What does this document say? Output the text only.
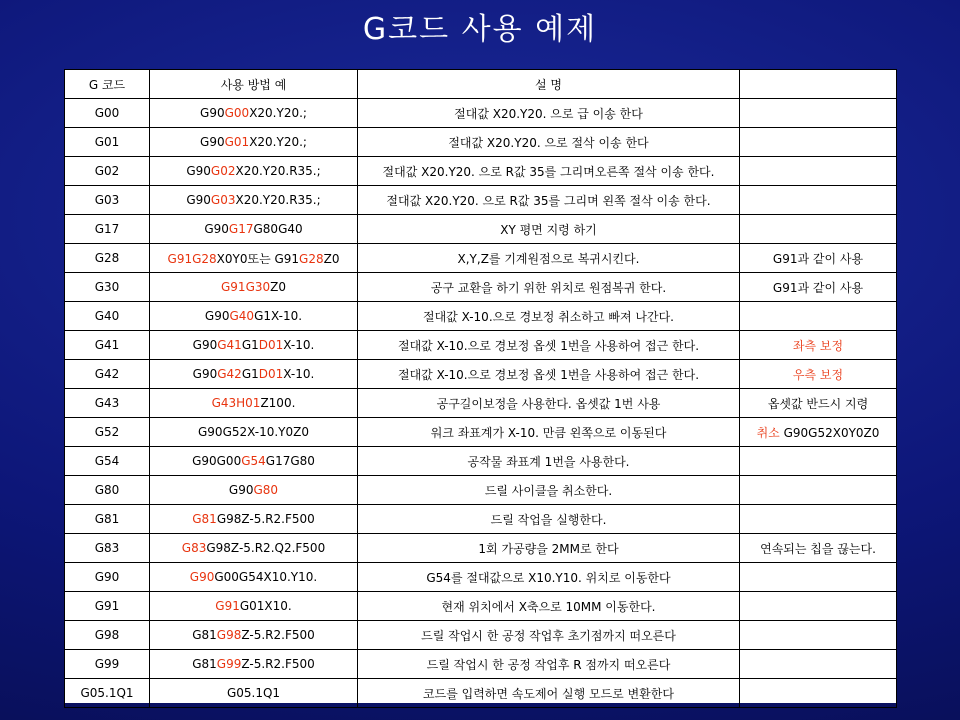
G코드 사용 예제
G 코드	사용 방법 예	설 명	
G00	G90G00X20.Y20.;	절대값 X20.Y20. 으로 급 이송 한다	
G01	G90G01X20.Y20.;	절대값 X20.Y20. 으로 절삭 이송 한다	
G02	G90G02X20.Y20.R35.;	절대값 X20.Y20. 으로 R값 35를 그리며오른쪽 절삭 이송 한다.	
G03	G90G03X20.Y20.R35.;	절대값 X20.Y20. 으로 R값 35를 그리며 왼쪽 절삭 이송 한다.	
G17	G90G17G80G40	XY 평면 지령 하기	
G28	G91G28X0Y0또는 G91G28Z0	X,Y,Z를 기계원점으로 복귀시킨다.	G91과 같이 사용
G30	G91G30Z0	공구 교환을 하기 위한 위치로 원점복귀 한다.	G91과 같이 사용
G40	G90G40G1X-10.	절대값 X-10.으로 경보정 취소하고 빠져 나간다.	
G41	G90G41G1D01X-10.	절대값 X-10.으로 경보정 옵셋 1번을 사용하여 접근 한다.	좌측 보정
G42	G90G42G1D01X-10.	절대값 X-10.으로 경보정 옵셋 1번을 사용하여 접근 한다.	우측 보정
G43	G43H01Z100.	공구길이보정을 사용한다. 옵셋값 1번 사용	옵셋값 반드시 지령
G52	G90G52X-10.Y0Z0	워크 좌표계가 X-10. 만큼 왼쪽으로 이동된다	취소 G90G52X0Y0Z0
G54	G90G00G54G17G80	공작물 좌표계 1번을 사용한다.	
G80	G90G80	드릴 사이클을 취소한다.	
G81	G81G98Z-5.R2.F500	드릴 작업을 실행한다.	
G83	G83G98Z-5.R2.Q2.F500	1회 가공량을 2MM로 한다	연속되는 칩을 끊는다.
G90	G90G00G54X10.Y10.	G54를 절대값으로 X10.Y10. 위치로 이동한다	
G91	G91G01X10.	현재 위치에서 X축으로 10MM 이동한다.	
G98	G81G98Z-5.R2.F500	드릴 작업시 한 공정 작업후 초기점까지 떠오른다	
G99	G81G99Z-5.R2.F500	드릴 작업시 한 공정 작업후 R 점까지 떠오른다	
G05.1Q1	G05.1Q1	코드를 입력하면 속도제어 실행 모드로 변환한다	
